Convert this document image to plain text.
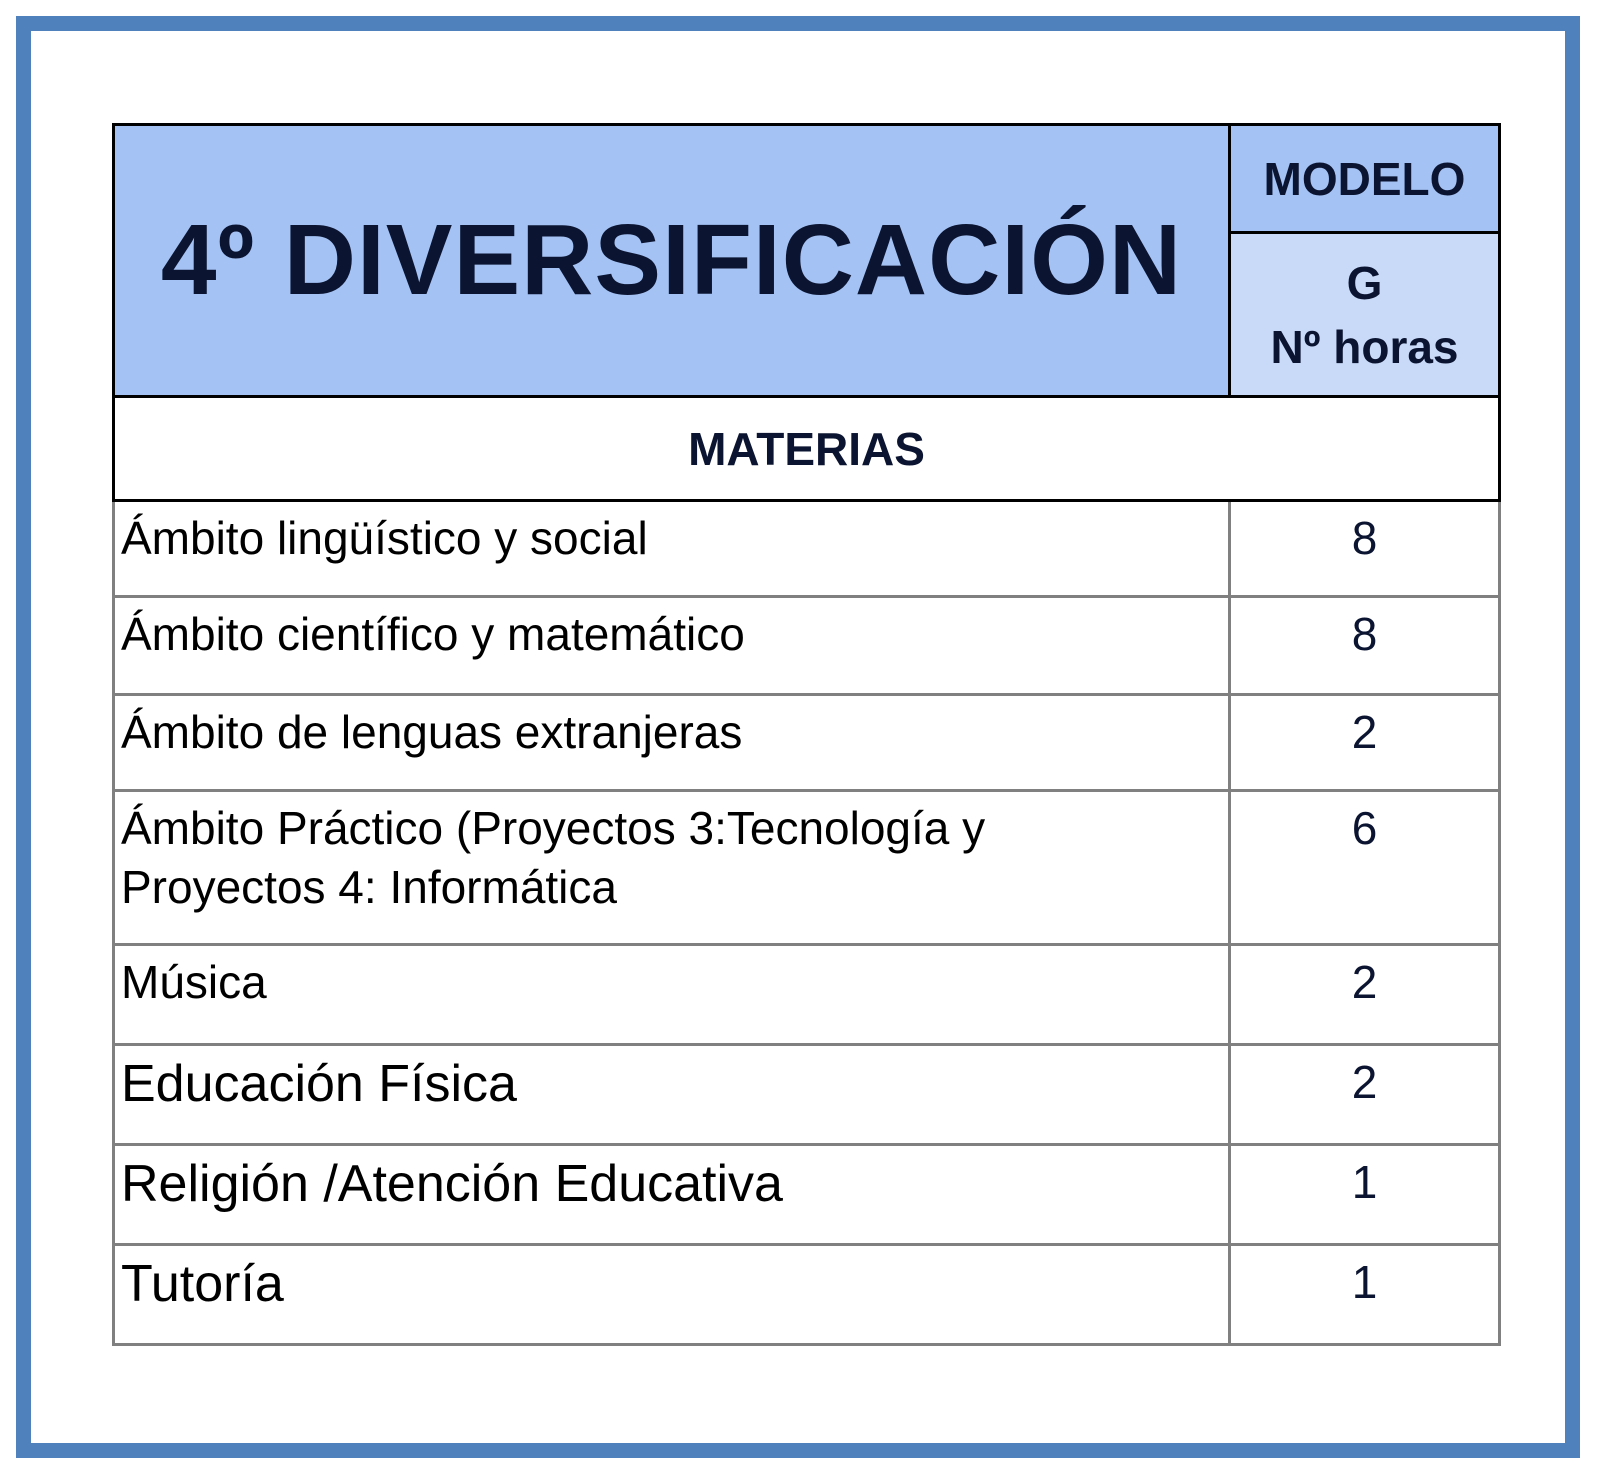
4º DIVERSIFICACIÓN	MODELO

	G
Nº horas

MATERIAS	
Ámbito lingüístico y social	8
Ámbito científico y matemático	8
Ámbito de lenguas extranjeras	2

Ámbito Práctico (Proyectos 3:Tecnología y
Proyectos 4: Informática	6
Música	2
Educación Física	2
Religión /Atención Educativa	1
Tutoría	1
